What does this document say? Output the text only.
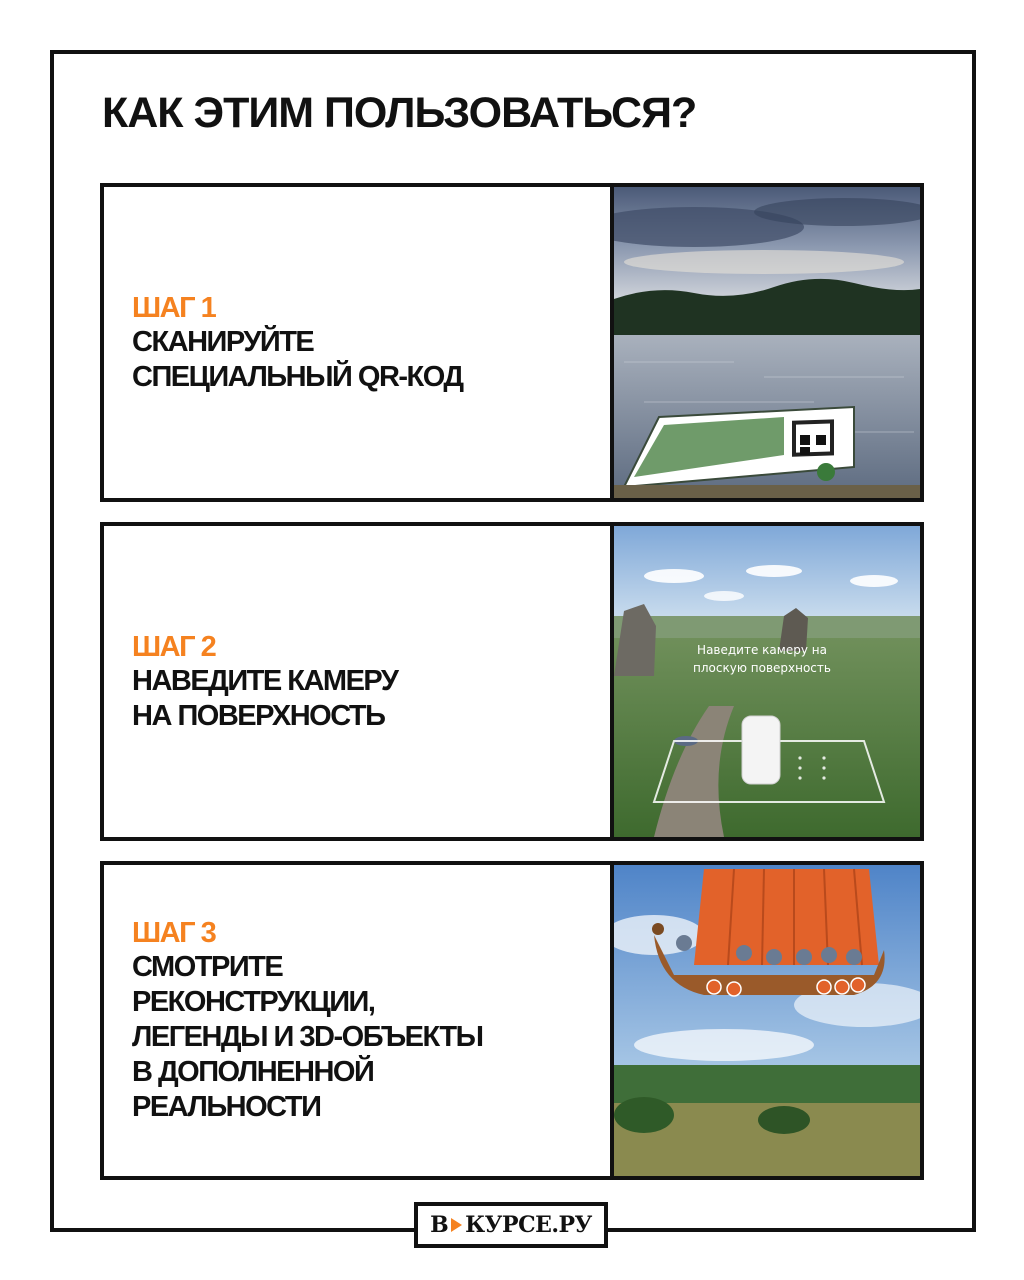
КАК ЭТИМ ПОЛЬЗОВАТЬСЯ?
ШАГ 1
СКАНИРУЙТЕ
СПЕЦИАЛЬНЫЙ QR-КОД
ШАГ 2
НАВЕДИТЕ КАМЕРУ
НА ПОВЕРХНОСТЬ
Наведите камеру на
плоскую поверхность
ШАГ 3
СМОТРИТЕ
РЕКОНСТРУКЦИИ,
ЛЕГЕНДЫ И 3D-ОБЪЕКТЫ
В ДОПОЛНЕННОЙ
РЕАЛЬНОСТИ
В КУРСЕ.РУ
